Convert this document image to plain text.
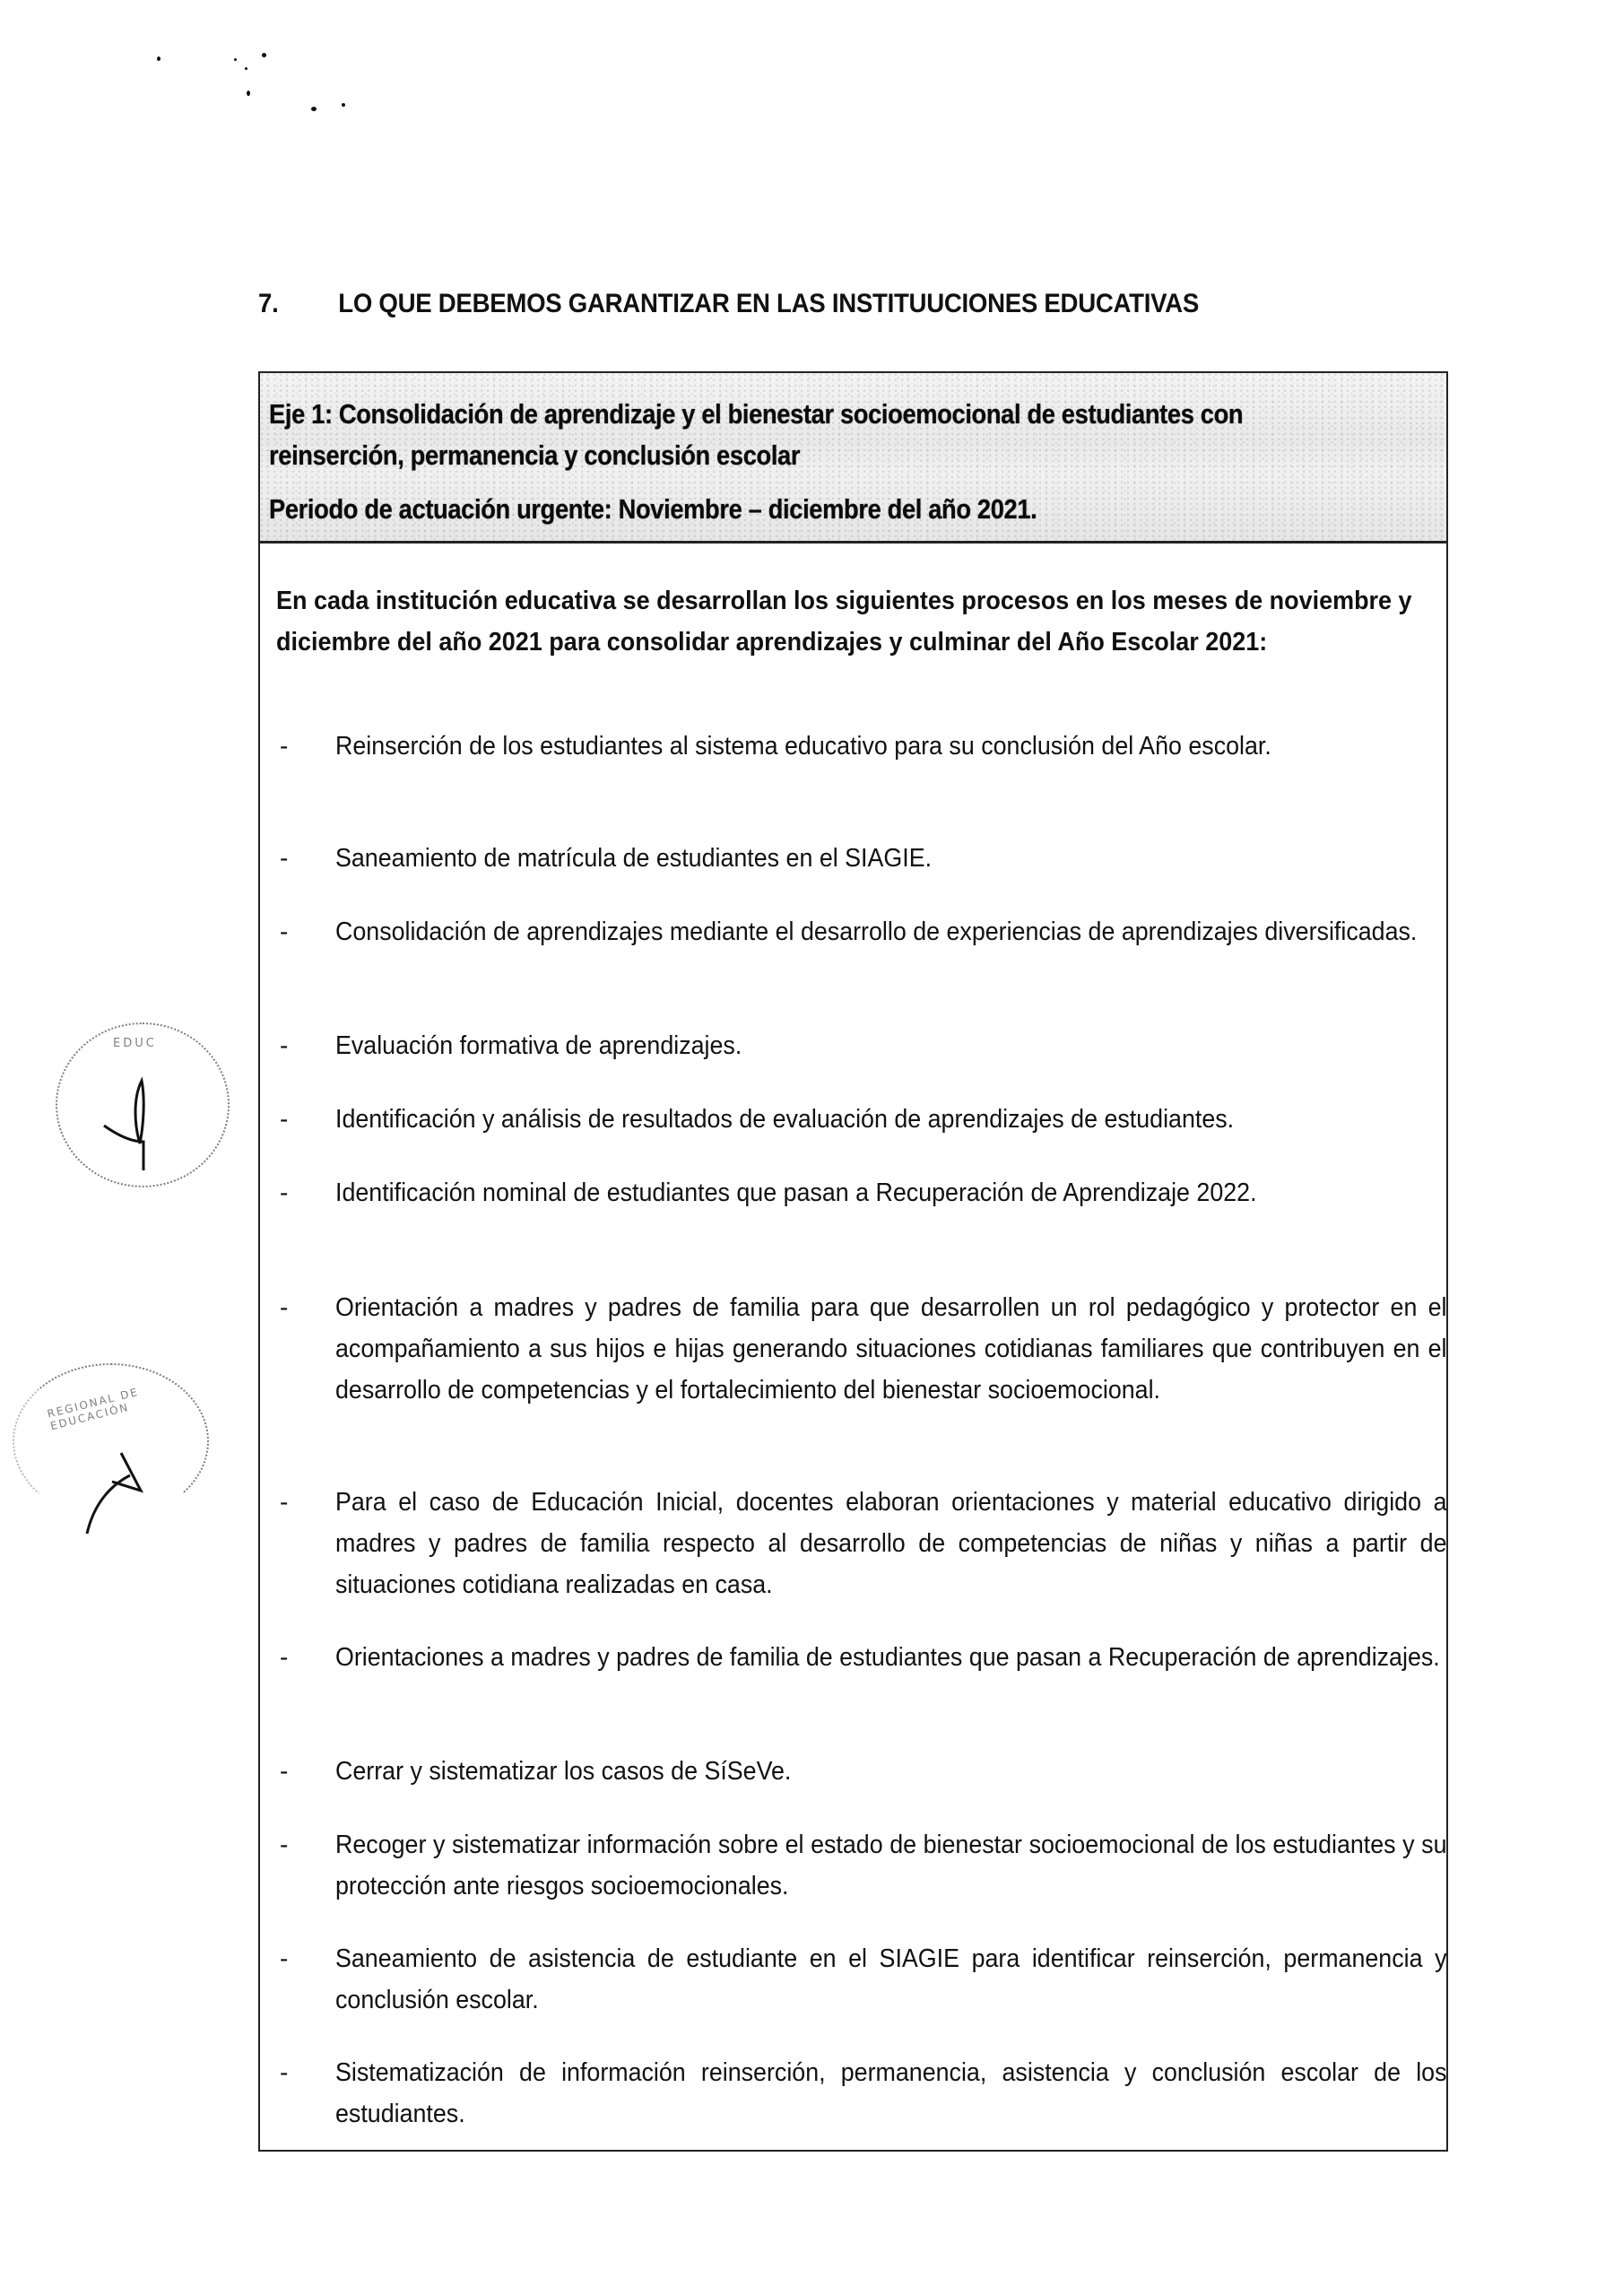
7. LO QUE DEBEMOS GARANTIZAR EN LAS INSTITUUCIONES EDUCATIVAS
Eje 1: Consolidación de aprendizaje y el bienestar socioemocional de estudiantes con
reinserción, permanencia y conclusión escolar
Periodo de actuación urgente: Noviembre – diciembre del año 2021.
En cada institución educativa se desarrollan los siguientes procesos en los meses de noviembre y diciembre del año 2021 para consolidar aprendizajes y culminar del Año Escolar 2021:
- Reinserción de los estudiantes al sistema educativo para su conclusión del Año escolar.
- Saneamiento de matrícula de estudiantes en el SIAGIE.
- Consolidación de aprendizajes mediante el desarrollo de experiencias de aprendizajes diversificadas.
- Evaluación formativa de aprendizajes.
- Identificación y análisis de resultados de evaluación de aprendizajes de estudiantes.
- Identificación nominal de estudiantes que pasan a Recuperación de Aprendizaje 2022.
- Orientación a madres y padres de familia para que desarrollen un rol pedagógico y protector en el acompañamiento a sus hijos e hijas generando situaciones cotidianas familiares que contribuyen en el desarrollo de competencias y el fortalecimiento del bienestar socioemocional.
- Para el caso de Educación Inicial, docentes elaboran orientaciones y material educativo dirigido a madres y padres de familia respecto al desarrollo de competencias de niñas y niñas a partir de situaciones cotidiana realizadas en casa.
- Orientaciones a madres y padres de familia de estudiantes que pasan a Recuperación de aprendizajes.
- Cerrar y sistematizar los casos de SíSeVe.
- Recoger y sistematizar información sobre el estado de bienestar socioemocional de los estudiantes y su protección ante riesgos socioemocionales.
- Saneamiento de asistencia de estudiante en el SIAGIE para identificar reinserción, permanencia y conclusión escolar.
- Sistematización de información reinserción, permanencia, asistencia y conclusión escolar de los estudiantes.
EDUC
REGIONAL DE EDUCACIÓN
